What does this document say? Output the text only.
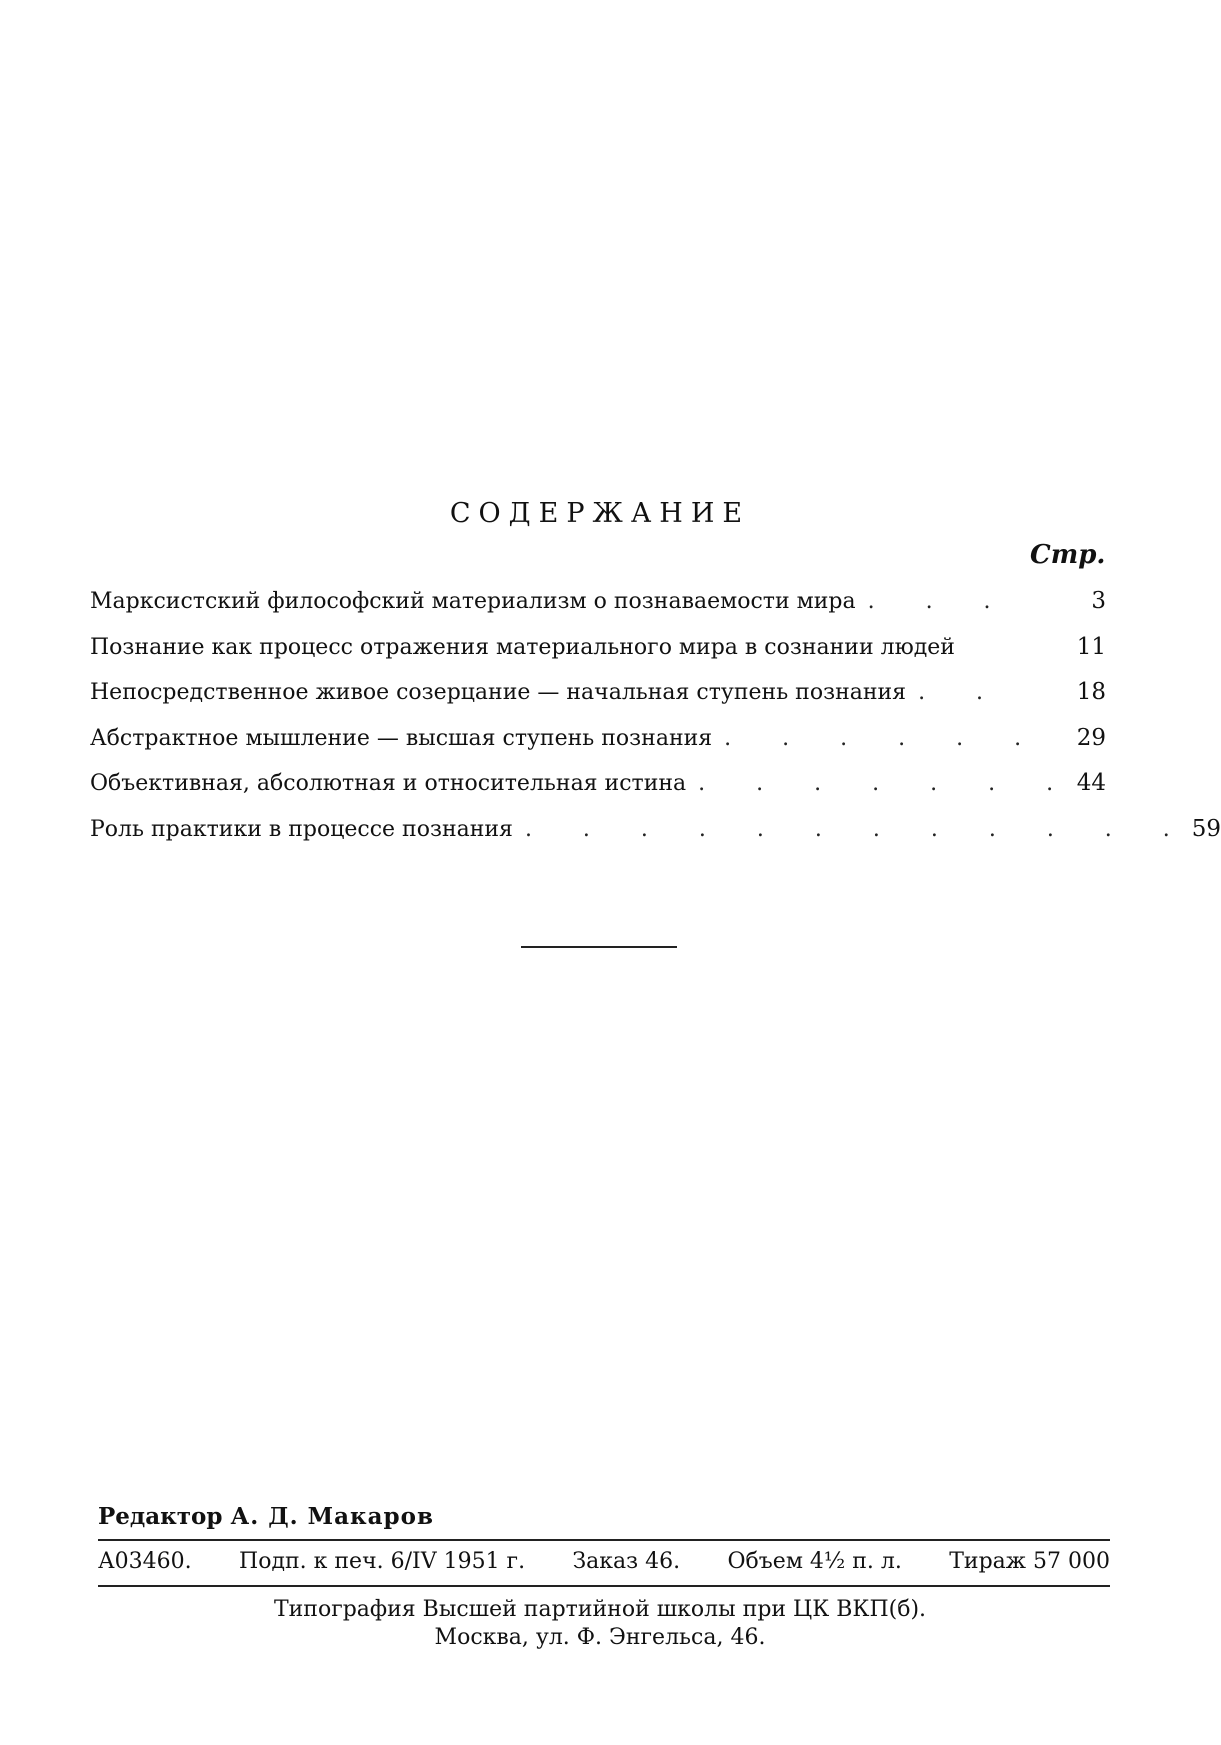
СОДЕРЖАНИЕ
Стр.
Марксистский философский материализм о познаваемости мира . . .	3
Познание как процесс отражения материального мира в сознании людей	11
Непосредственное живое созерцание — начальная ступень познания . .	18
Абстрактное мышление — высшая ступень познания . . . . . .	29
Объективная, абсолютная и относительная истина . . . . . . . 44
Роль практики в процессе познания . . . . . . . . . . . . 59
Редактор А. Д. Макаров
А03460. Подп. к печ. 6/IV 1951 г. Заказ 46. Объем 4½ п. л. Тираж 57 000
Типография Высшей партийной школы при ЦК ВКП(б).
Москва, ул. Ф. Энгельса, 46.
